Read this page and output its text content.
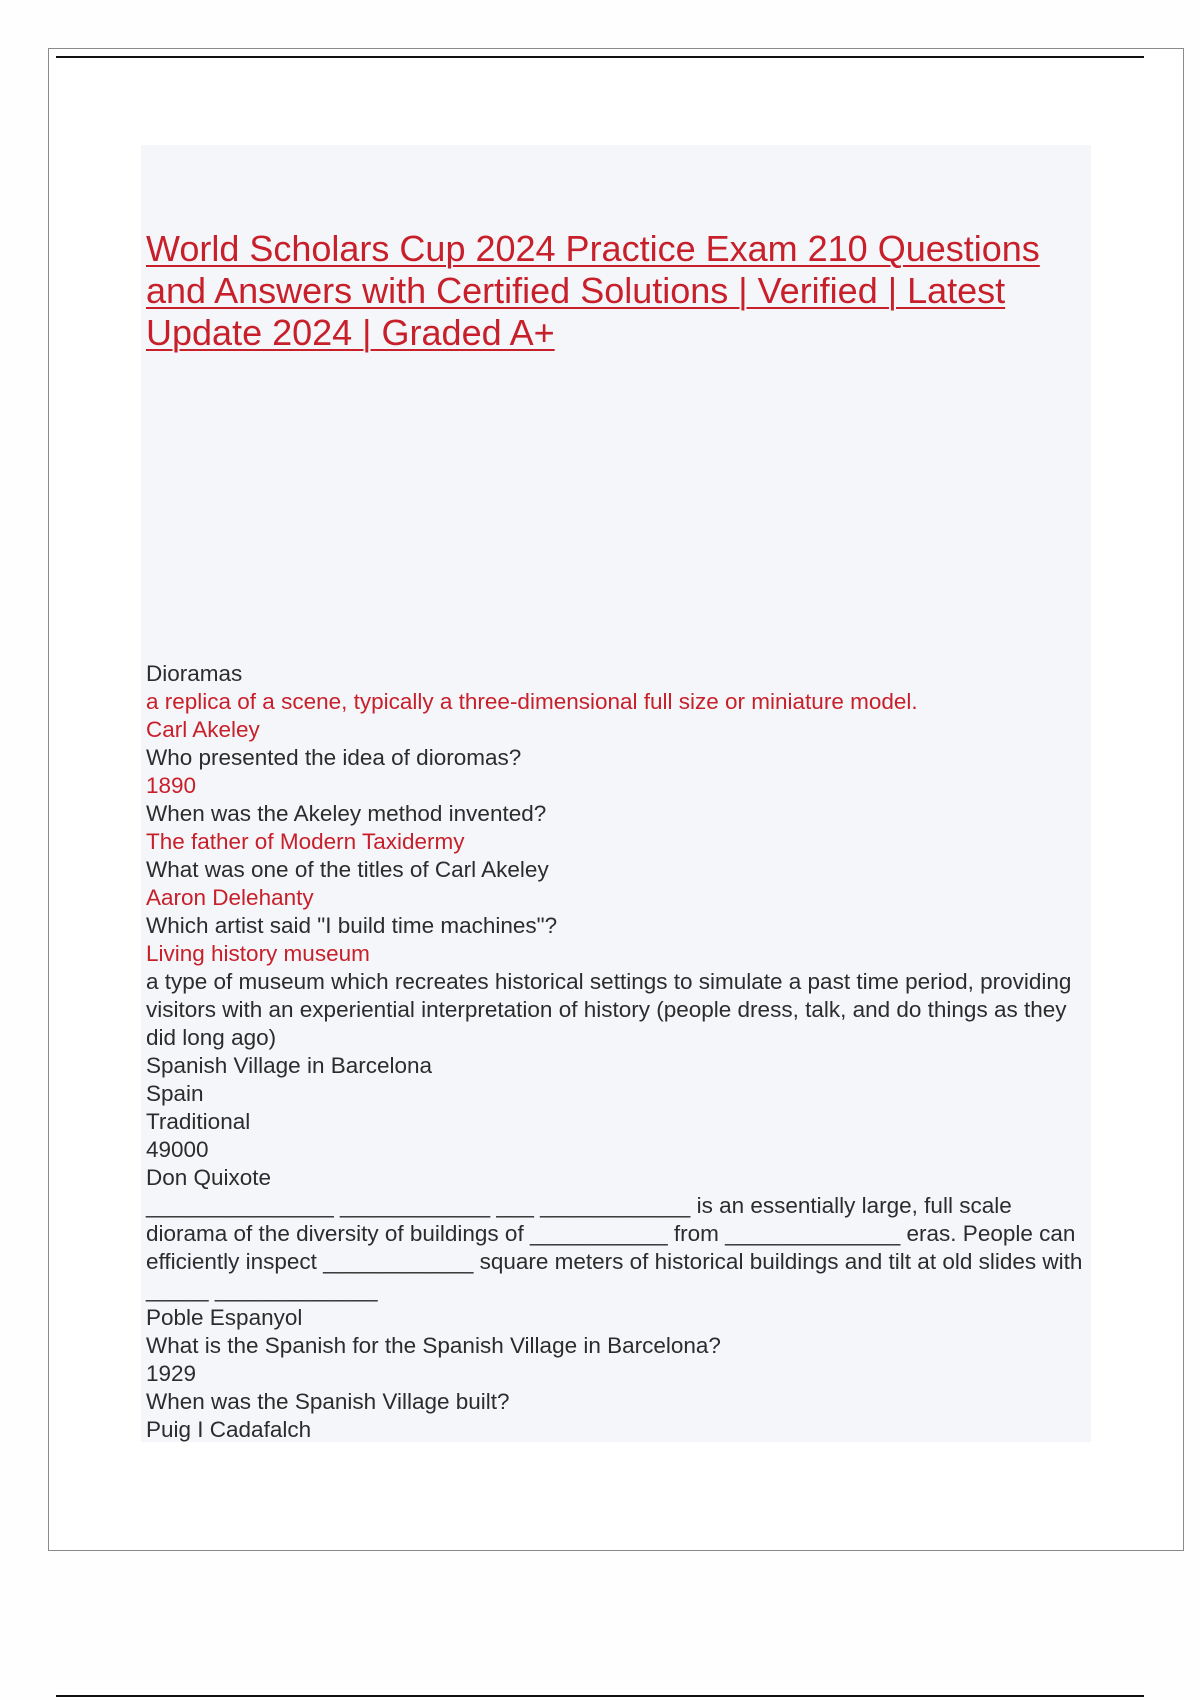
World Scholars Cup 2024 Practice Exam 210 Questions and Answers with Certified Solutions | Verified | Latest Update 2024 | Graded A+
Dioramas
a replica of a scene, typically a three-dimensional full size or miniature model.
Carl Akeley
Who presented the idea of dioromas?
1890
When was the Akeley method invented?
The father of Modern Taxidermy
What was one of the titles of Carl Akeley
Aaron Delehanty
Which artist said "I build time machines"?
Living history museum
a type of museum which recreates historical settings to simulate a past time period, providing visitors with an experiential interpretation of history (people dress, talk, and do things as they did long ago)
Spanish Village in Barcelona
Spain
Traditional
49000
Don Quixote
_______________ ____________ ___ ____________ is an essentially large, full scale diorama of the diversity of buildings of ___________ from ______________ eras. People can efficiently inspect ____________ square meters of historical buildings and tilt at old slides with _____ _____________
Poble Espanyol
What is the Spanish for the Spanish Village in Barcelona?
1929
When was the Spanish Village built?
Puig I Cadafalch
